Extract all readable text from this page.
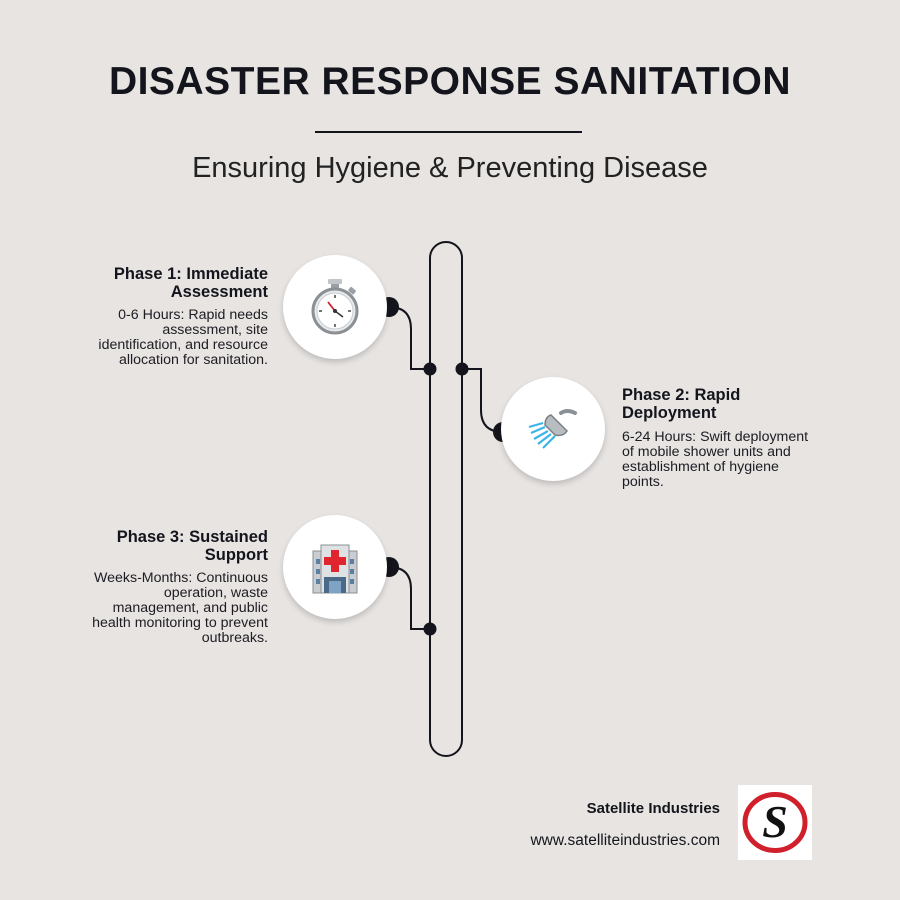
DISASTER RESPONSE SANITATION
Ensuring Hygiene & Preventing Disease
Phase 1: Immediate
Assessment

0-6 Hours: Rapid needs
assessment, site
identification, and resource
allocation for sanitation.

Phase 2: Rapid
Deployment

6-24 Hours: Swift deployment
of mobile shower units and
establishment of hygiene
points.

Phase 3: Sustained
Support

Weeks-Months: Continuous
operation, waste
management, and public
health monitoring to prevent
outbreaks.

Satellite Industries
www.satelliteindustries.com S
